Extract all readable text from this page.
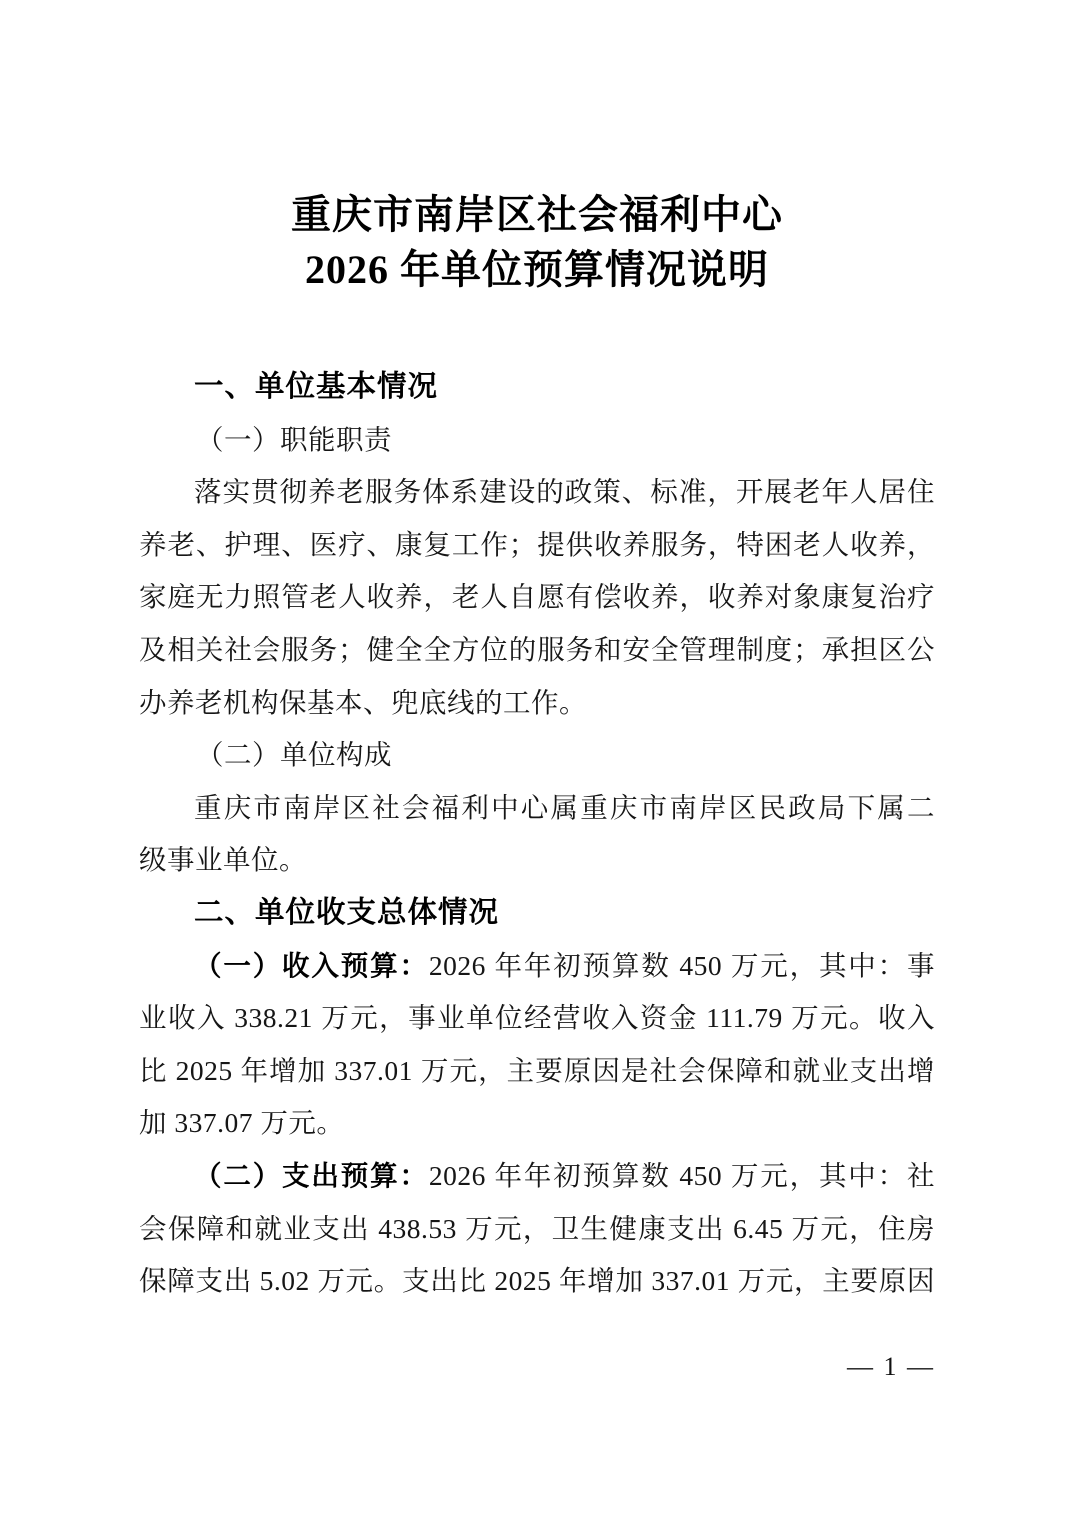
重庆市南岸区社会福利中心
2026 年单位预算情况说明
一、单位基本情况
（一）职能职责
落实贯彻养老服务体系建设的政策、标准，开展老年人居住
养老、护理、医疗、康复工作；提供收养服务，特困老人收养，
家庭无力照管老人收养，老人自愿有偿收养，收养对象康复治疗
及相关社会服务；健全全方位的服务和安全管理制度；承担区公
办养老机构保基本、兜底线的工作。
（二）单位构成
重庆市南岸区社会福利中心属重庆市南岸区民政局下属二
级事业单位。
二、单位收支总体情况
（一）收入预算：2026 年年初预算数 450 万元，其中：事
业收入 338.21 万元，事业单位经营收入资金 111.79 万元。收入
比 2025 年增加 337.01 万元，主要原因是社会保障和就业支出增
加 337.07 万元。
（二）支出预算：2026 年年初预算数 450 万元，其中：社
会保障和就业支出 438.53 万元，卫生健康支出 6.45 万元，住房
保障支出 5.02 万元。支出比 2025 年增加 337.01 万元，主要原因
— 1 —
